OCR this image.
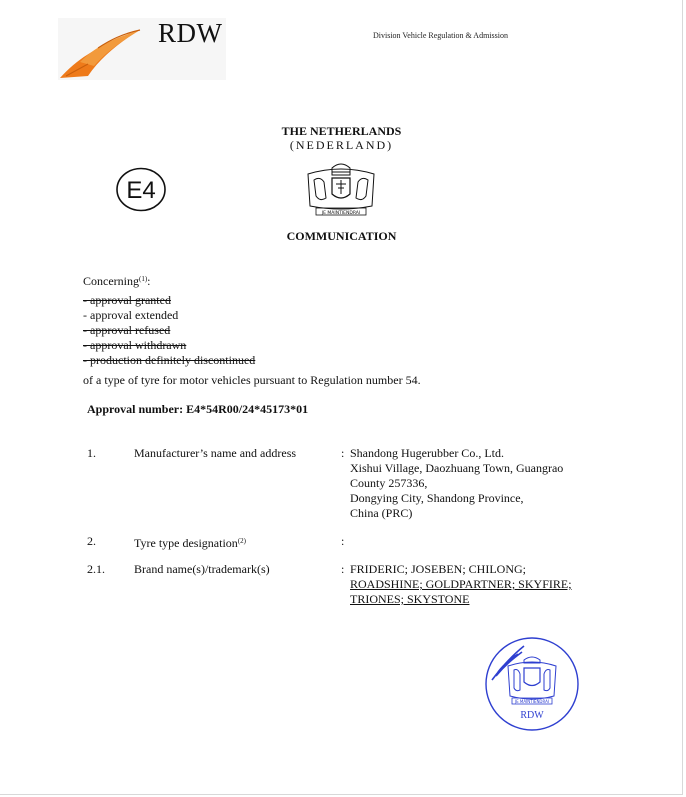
RDW	Division Vehicle Regulation & Admission
THE NETHERLANDS
(NEDERLAND)
E4
JE MAINTIENDRAI
COMMUNICATION
Concerning$^{(1)}$:
- approval granted
- approval extended
- approval refused
- approval withdrawn
- production definitely discontinued
of a type of tyre for motor vehicles pursuant to Regulation number 54.
Approval number: E4*54R00/24*45173*01
1.	Manufacturer’s name and address	: Shandong Hugerubber Co., Ltd.
Xishui Village, Daozhuang Town, Guangrao
County 257336,
Dongying City, Shandong Province,
China (PRC)
2.	Tyre type designation$^{(2)}$	:
2.1. Brand name(s)/trademark(s)	: FRIDERIC; JOSEBEN; CHILONG;
ROADSHINE; GOLDPARTNER; SKYFIRE;
TRIONES; SKYSTONE
JE MAINTIENDRAI
RDW
